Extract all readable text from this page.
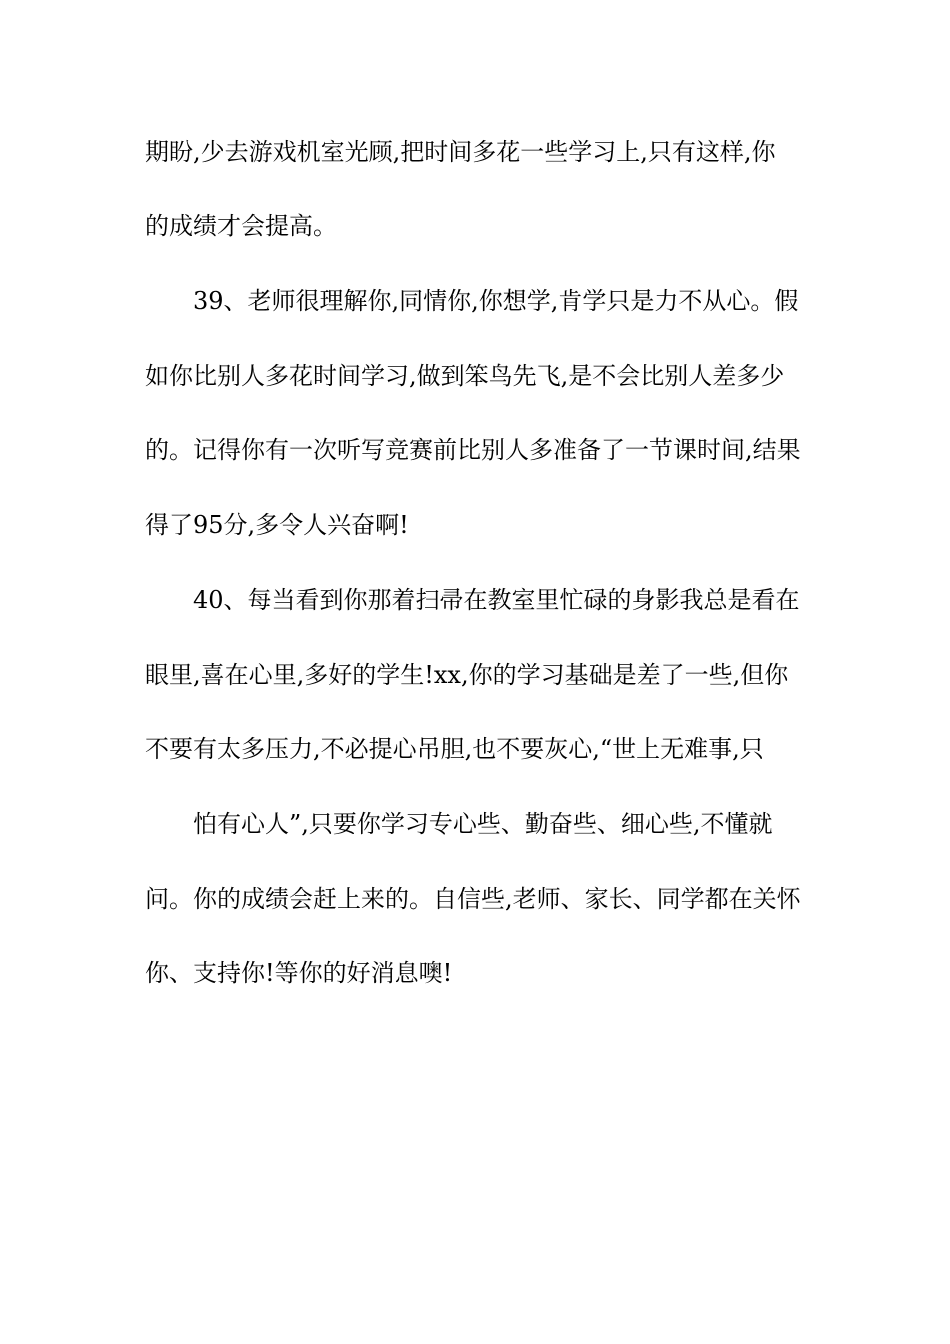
期盼,少去游戏机室光顾,把时间多花一些学习上,只有这样,你
的成绩才会提高。
39、老师很理解你,同情你,你想学,肯学只是力不从心。假
如你比别人多花时间学习,做到笨鸟先飞,是不会比别人差多少
的。记得你有一次听写竞赛前比别人多准备了一节课时间,结果
得了95分,多令人兴奋啊!
40、每当看到你那着扫帚在教室里忙碌的身影我总是看在
眼里,喜在心里,多好的学生!xx,你的学习基础是差了一些,但你
不要有太多压力,不必提心吊胆,也不要灰心,“世上无难事,只
怕有心人”,只要你学习专心些、勤奋些、细心些,不懂就
问。你的成绩会赶上来的。自信些,老师、家长、同学都在关怀
你、支持你!等你的好消息噢!
